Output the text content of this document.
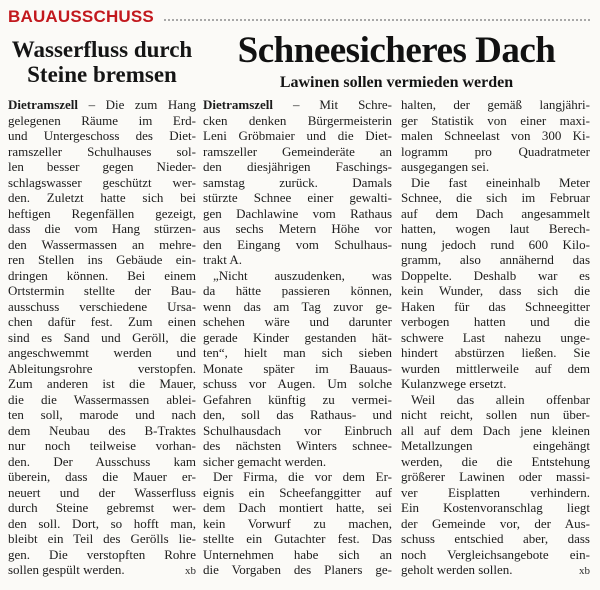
BAUAUSSCHUSS
Wasserfluss durch Steine bremsen
Dietramszell – Die zum Hang
gelegenen Räume im Erd-
und Untergeschoss des Diet-
ramszeller Schulhauses sol-
len besser gegen Nieder-
schlagswasser geschützt wer-
den. Zuletzt hatte sich bei
heftigen Regenfällen gezeigt,
dass die vom Hang stürzen-
den Wassermassen an mehre-
ren Stellen ins Gebäude ein-
dringen können. Bei einem
Ortstermin stellte der Bau-
ausschuss verschiedene Ursa-
chen dafür fest. Zum einen
sind es Sand und Geröll, die
angeschwemmt werden und
Ableitungsrohre verstopfen.
Zum anderen ist die Mauer,
die die Wassermassen ablei-
ten soll, marode und nach
dem Neubau des B-Traktes
nur noch teilweise vorhan-
den. Der Ausschuss kam
überein, dass die Mauer er-
neuert und der Wasserfluss
durch Steine gebremst wer-
den soll. Dort, so hofft man,
bleibt ein Teil des Gerölls lie-
gen. Die verstopften Rohre
sollen gespült werden.	xb
Schneesicheres Dach
Lawinen sollen vermieden werden
Dietramszell – Mit Schre-
cken denken Bürgermeisterin
Leni Gröbmaier und die Diet-
ramszeller Gemeinderäte an
den diesjährigen Faschings-
samstag zurück. Damals
stürzte Schnee einer gewalti-
gen Dachlawine vom Rathaus
aus sechs Metern Höhe vor
den Eingang vom Schulhaus-
trakt A.
„Nicht auszudenken, was
da hätte passieren können,
wenn das am Tag zuvor ge-
schehen wäre und darunter
gerade Kinder gestanden hät-
ten“, hielt man sich sieben
Monate später im Bauaus-
schuss vor Augen. Um solche
Gefahren künftig zu vermei-
den, soll das Rathaus- und
Schulhausdach vor Einbruch
des nächsten Winters schnee-
sicher gemacht werden.
Der Firma, die vor dem Er-
eignis ein Scheefanggitter auf
dem Dach montiert hatte, sei
kein Vorwurf zu machen,
stellte ein Gutachter fest. Das
Unternehmen habe sich an
die Vorgaben des Planers ge-
halten, der gemäß langjähri-
ger Statistik von einer maxi-
malen Schneelast von 300 Ki-
logramm pro Quadratmeter
ausgegangen sei.
Die fast eineinhalb Meter
Schnee, die sich im Februar
auf dem Dach angesammelt
hatten, wogen laut Berech-
nung jedoch rund 600 Kilo-
gramm, also annähernd das
Doppelte. Deshalb war es
kein Wunder, dass sich die
Haken für das Schneegitter
verbogen hatten und die
schwere Last nahezu unge-
hindert abstürzen ließen. Sie
wurden mittlerweile auf dem
Kulanzwege ersetzt.
Weil das allein offenbar
nicht reicht, sollen nun über-
all auf dem Dach jene kleinen
Metallzungen eingehängt
werden, die die Entstehung
größerer Lawinen oder massi-
ver Eisplatten verhindern.
Ein Kostenvoranschlag liegt
der Gemeinde vor, der Aus-
schuss entschied aber, dass
noch Vergleichsangebote ein-
geholt werden sollen.	xb
